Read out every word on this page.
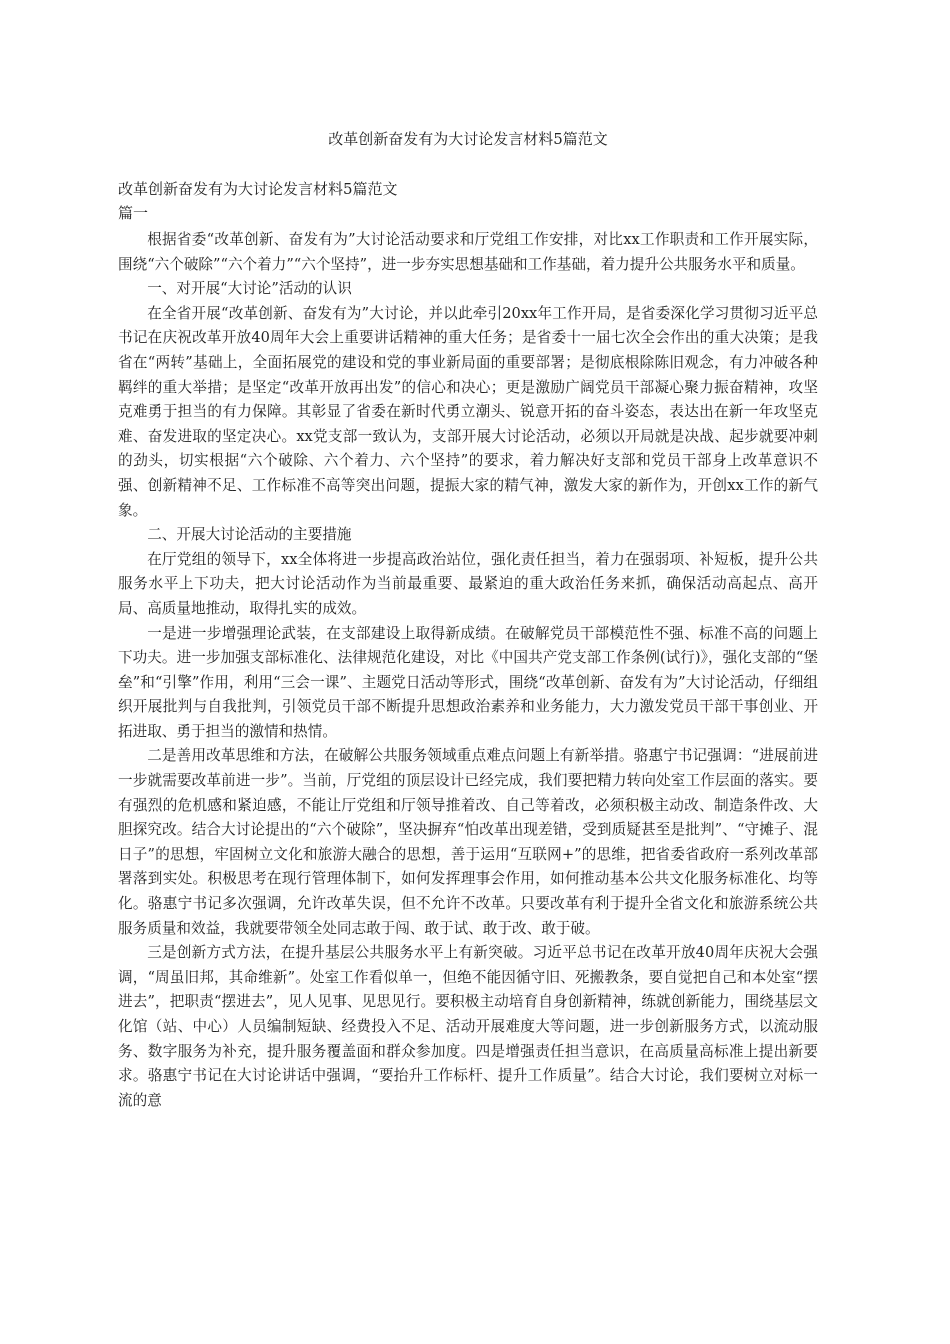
改革创新奋发有为大讨论发言材料5篇范文
改革创新奋发有为大讨论发言材料5篇范文
篇一

根据省委“改革创新、奋发有为”大讨论活动要求和厅党组工作安排，对比xx工作职责和工作开展实际，围绕“六个破除”“六个着力”“六个坚持”，进一步夯实思想基础和工作基础，着力提升公共服务水平和质量。

一、对开展“大讨论”活动的认识

在全省开展“改革创新、奋发有为”大讨论，并以此牵引20xx年工作开局，是省委深化学习贯彻习近平总书记在庆祝改革开放40周年大会上重要讲话精神的重大任务；是省委十一届七次全会作出的重大决策；是我省在“两转”基础上，全面拓展党的建设和党的事业新局面的重要部署；是彻底根除陈旧观念，有力冲破各种羁绊的重大举措；是坚定“改革开放再出发”的信心和决心；更是激励广阔党员干部凝心聚力振奋精神，攻坚克难勇于担当的有力保障。其彰显了省委在新时代勇立潮头、锐意开拓的奋斗姿态，表达出在新一年攻坚克难、奋发进取的坚定决心。xx党支部一致认为，支部开展大讨论活动，必须以开局就是决战、起步就要冲刺的劲头，切实根据“六个破除、六个着力、六个坚持”的要求，着力解决好支部和党员干部身上改革意识不强、创新精神不足、工作标准不高等突出问题，提振大家的精气神，激发大家的新作为，开创xx工作的新气象。

二、开展大讨论活动的主要措施

在厅党组的领导下，xx全体将进一步提高政治站位，强化责任担当，着力在强弱项、补短板，提升公共服务水平上下功夫，把大讨论活动作为当前最重要、最紧迫的重大政治任务来抓，确保活动高起点、高开局、高质量地推动，取得扎实的成效。

一是进一步增强理论武装，在支部建设上取得新成绩。在破解党员干部模范性不强、标准不高的问题上下功夫。进一步加强支部标准化、法律规范化建设，对比《中国共产党支部工作条例(试行)》，强化支部的“堡垒”和“引擎”作用，利用“三会一课”、主题党日活动等形式，围绕“改革创新、奋发有为”大讨论活动，仔细组织开展批判与自我批判，引领党员干部不断提升思想政治素养和业务能力，大力激发党员干部干事创业、开拓进取、勇于担当的激情和热情。

二是善用改革思维和方法，在破解公共服务领域重点难点问题上有新举措。骆惠宁书记强调：“进展前进一步就需要改革前进一步”。当前，厅党组的顶层设计已经完成，我们要把精力转向处室工作层面的落实。要有强烈的危机感和紧迫感，不能让厅党组和厅领导推着改、自己等着改，必须积极主动改、制造条件改、大胆探究改。结合大讨论提出的“六个破除”，坚决摒弃“怕改革出现差错，受到质疑甚至是批判”、“守摊子、混日子”的思想，牢固树立文化和旅游大融合的思想，善于运用“互联网+”的思维，把省委省政府一系列改革部署落到实处。积极思考在现行管理体制下，如何发挥理事会作用，如何推动基本公共文化服务标准化、均等化。骆惠宁书记多次强调，允许改革失误，但不允许不改革。只要改革有利于提升全省文化和旅游系统公共服务质量和效益，我就要带领全处同志敢于闯、敢于试、敢于改、敢于破。

三是创新方式方法，在提升基层公共服务水平上有新突破。习近平总书记在改革开放40周年庆祝大会强调，“周虽旧邦，其命维新”。处室工作看似单一，但绝不能因循守旧、死搬教条，要自觉把自己和本处室“摆进去”，把职责“摆进去”，见人见事、见思见行。要积极主动培育自身创新精神，练就创新能力，围绕基层文化馆（站、中心）人员编制短缺、经费投入不足、活动开展难度大等问题，进一步创新服务方式，以流动服务、数字服务为补充，提升服务覆盖面和群众参加度。四是增强责任担当意识，在高质量高标准上提出新要求。骆惠宁书记在大讨论讲话中强调，“要抬升工作标杆、提升工作质量”。结合大讨论，我们要树立对标一流的意
